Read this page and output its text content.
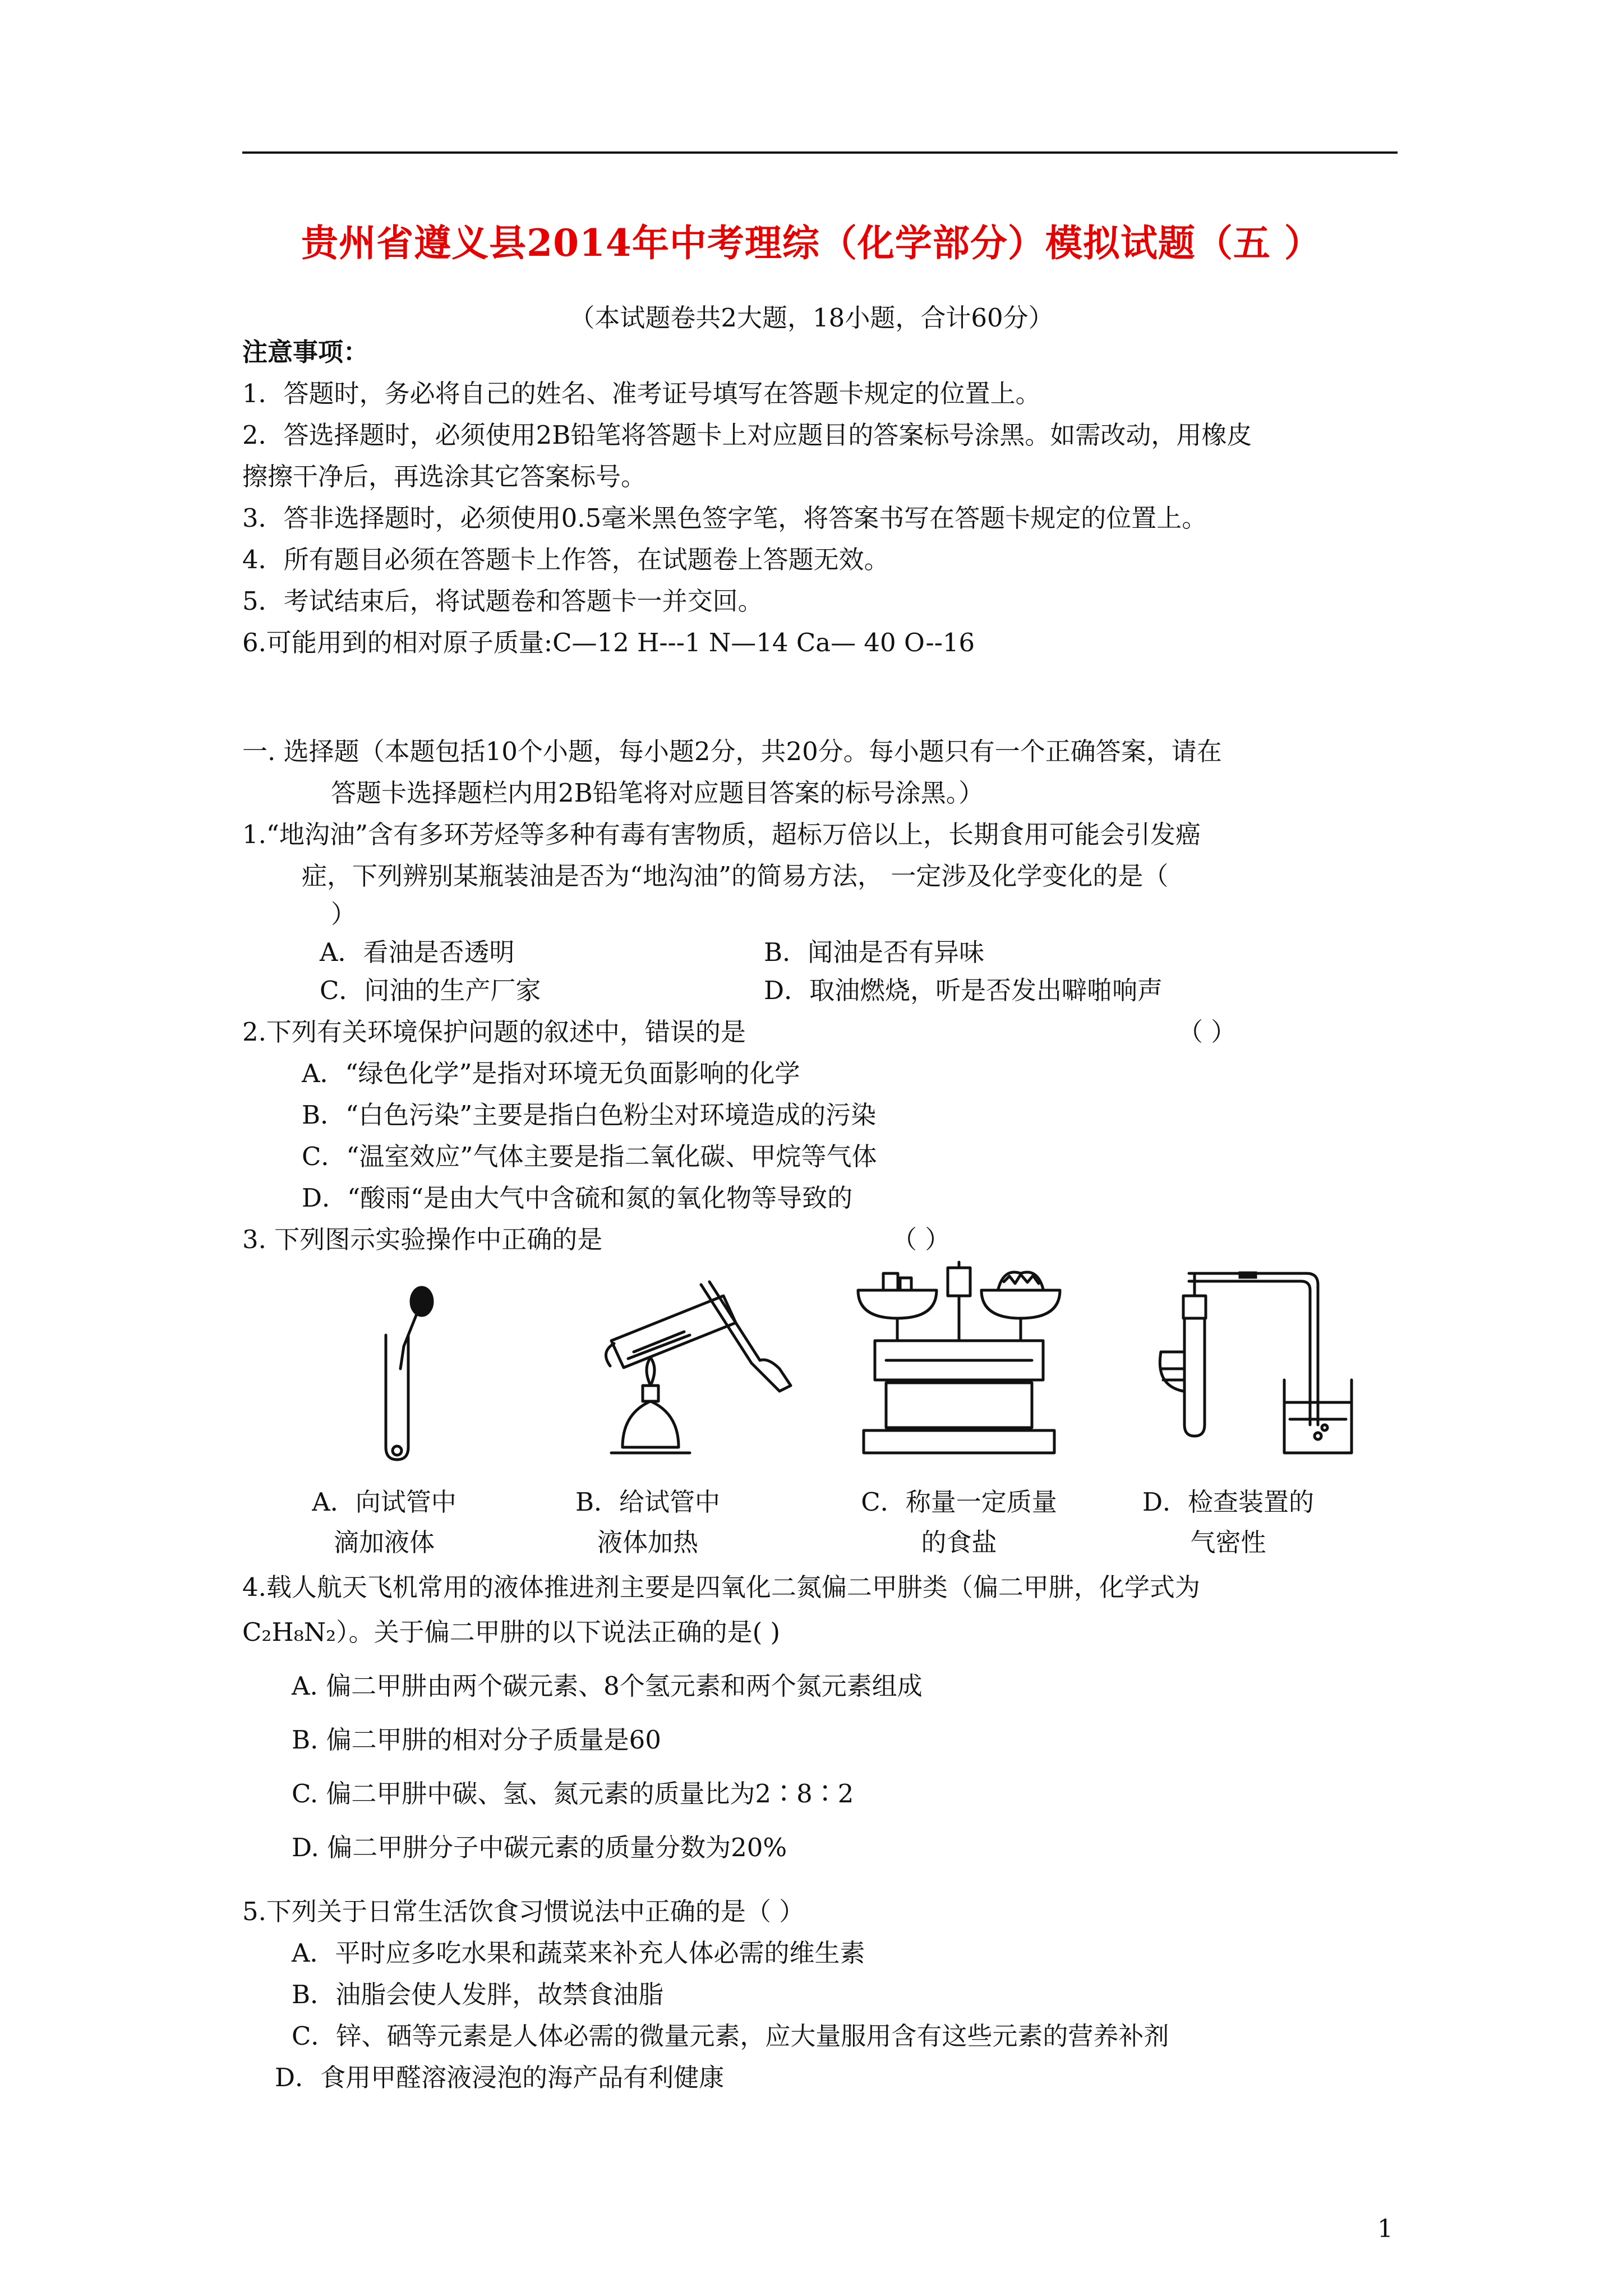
贵州省遵义县2014年中考理综（化学部分）模拟试题（五 ）
（本试题卷共2大题，18小题，合计60分）
注意事项：
1．答题时，务必将自己的姓名、准考证号填写在答题卡规定的位置上。
2．答选择题时，必须使用2B铅笔将答题卡上对应题目的答案标号涂黑。如需改动，用橡皮
擦擦干净后，再选涂其它答案标号。
3．答非选择题时，必须使用0.5毫米黑色签字笔，将答案书写在答题卡规定的位置上。
4．所有题目必须在答题卡上作答，在试题卷上答题无效。
5．考试结束后，将试题卷和答题卡一并交回。
6.可能用到的相对原子质量:C—12 H---1 N—14 Ca— 40 O--16
一. 选择题（本题包括10个小题，每小题2分，共20分。每小题只有一个正确答案，请在
答题卡选择题栏内用2B铅笔将对应题目答案的标号涂黑。）
1.“地沟油”含有多环芳烃等多种有毒有害物质，超标万倍以上，长期食用可能会引发癌
症，下列辨别某瓶装油是否为“地沟油”的简易方法， 一定涉及化学变化的是（
）
A．看油是否透明	B．闻油是否有异味
C．问油的生产厂家	D．取油燃烧，听是否发出噼啪响声
2.下列有关环境保护问题的叙述中，错误的是	（ ）
A．“绿色化学”是指对环境无负面影响的化学
B．“白色污染”主要是指白色粉尘对环境造成的污染
C．“温室效应”气体主要是指二氧化碳、甲烷等气体
D．“酸雨“是由大气中含硫和氮的氧化物等导致的
3. 下列图示实验操作中正确的是	（ ）
A．向试管中
滴加液体
B．给试管中
液体加热
C．称量一定质量
的食盐
D．检查装置的
气密性
4.载人航天飞机常用的液体推进剂主要是四氧化二氮偏二甲肼类（偏二甲肼，化学式为
C₂H₈N₂）。关于偏二甲肼的以下说法正确的是( )
A. 偏二甲肼由两个碳元素、8个氢元素和两个氮元素组成
B. 偏二甲肼的相对分子质量是60
C. 偏二甲肼中碳、氢、氮元素的质量比为2∶8∶2
D. 偏二甲肼分子中碳元素的质量分数为20%
5.下列关于日常生活饮食习惯说法中正确的是（ ）
A．平时应多吃水果和蔬菜来补充人体必需的维生素
B．油脂会使人发胖，故禁食油脂
C．锌、硒等元素是人体必需的微量元素，应大量服用含有这些元素的营养补剂
D．食用甲醛溶液浸泡的海产品有利健康
1
